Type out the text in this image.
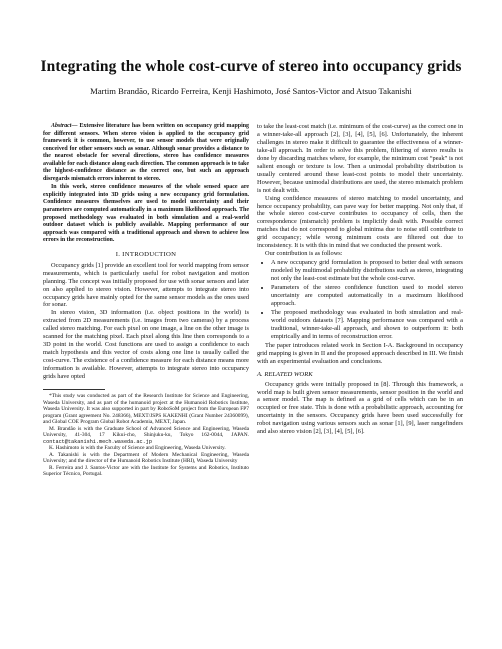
Integrating the whole cost-curve of stereo into occupancy grids
Martim Brandão, Ricardo Ferreira, Kenji Hashimoto, José Santos-Victor and Atsuo Takanishi

Abstract— Extensive literature has been written on occupancy grid mapping for different sensors. When stereo vision is applied to the occupancy grid framework it is common, however, to use sensor models that were originally conceived for other sensors such as sonar. Although sonar provides a distance to the nearest obstacle for several directions, stereo has confidence measures available for each distance along each direction. The common approach is to take the highest-confidence distance as the correct one, but such an approach disregards mismatch errors inherent to stereo.

In this work, stereo confidence measures of the whole sensed space are explicitly integrated into 3D grids using a new occupancy grid formulation. Confidence measures themselves are used to model uncertainty and their parameters are computed automatically in a maximum likelihood approach. The proposed methodology was evaluated in both simulation and a real-world outdoor dataset which is publicly available. Mapping performance of our approach was compared with a traditional approach and shown to achieve less errors in the reconstruction.

I. INTRODUCTION

Occupancy grids [1] provide an excellent tool for world mapping from sensor measurements, which is particularly useful for robot navigation and motion planning. The concept was initially proposed for use with sonar sensors and later on also applied to stereo vision. However, attempts to integrate stereo into occupancy grids have mainly opted for the same sensor models as the ones used for sonar.

In stereo vision, 3D information (i.e. object positions in the world) is extracted from 2D measurements (i.e. images from two cameras) by a process called stereo matching. For each pixel on one image, a line on the other image is scanned for the matching pixel. Each pixel along this line then corresponds to a 3D point in the world. Cost functions are used to assign a confidence to each match hypothesis and this vector of costs along one line is usually called the cost-curve. The existence of a confidence measure for each distance means more information is available. However, attempts to integrate stereo into occupancy grids have opted

*This study was conducted as part of the Research Institute for Science and Engineering, Waseda University, and as part of the humanoid project at the Humanoid Robotics Institute, Waseda University. It was also supported in part by RoboSoM project from the European FP7 program (Grant agreement No. 248366), MEXT/JSPS KAKENHI (Grant Number 24360099), and Global COE Program Global Robot Academia, MEXT, Japan.

M. Brandão is with the Graduate School of Advanced Science and Engineering, Waseda University, 41-304, 17 Kikui-cho, Shinjuku-ku, Tokyo 162-0044, JAPAN. contact@takanishi.mech.waseda.ac.jp

K. Hashimoto is with the Faculty of Science and Engineering, Waseda University.

A. Takanishi is with the Department of Modern Mechanical Engineering, Waseda University; and the director of the Humanoid Robotics Institute (HRI), Waseda University

R. Ferreira and J. Santos-Victor are with the Institute for Systems and Robotics, Instituto Superior Técnico, Portugal.

to take the least-cost match (i.e. minimum of the cost-curve) as the correct one in a winner-take-all approach [2], [3], [4], [5], [6]. Unfortunately, the inherent challenges in stereo make it difficult to guarantee the effectiveness of a winner-take-all approach. In order to solve this problem, filtering of stereo results is done by discarding matches where, for example, the minimum cost “peak” is not salient enough or texture is low. Then a unimodal probability distribution is usually centered around these least-cost points to model their uncertainty. However, because unimodal distributions are used, the stereo mismatch problem is not dealt with.

Using confidence measures of stereo matching to model uncertainty, and hence occupancy probability, can pave way for better mapping. Not only that, if the whole stereo cost-curve contributes to occupancy of cells, then the correspondence (mismatch) problem is implicitly dealt with. Possible correct matches that do not correspond to global minima due to noise still contribute to grid occupancy; while wrong minimum costs are filtered out due to inconsistency. It is with this in mind that we conducted the present work.

Our contribution is as follows:

• A new occupancy grid formulation is proposed to better deal with sensors modeled by multimodal probability distributions such as stereo, integrating not only the least-cost estimate but the whole cost-curve.
• Parameters of the stereo confidence function used to model stereo uncertainty are computed automatically in a maximum likelihood approach.
• The proposed methodology was evaluated in both simulation and real-world outdoors datasets [7]. Mapping performance was compared with a traditional, winner-take-all approach, and shown to outperform it: both empirically and in terms of reconstruction error.

The paper introduces related work in Section I-A. Background in occupancy grid mapping is given in II and the proposed approach described in III. We finish with an experimental evaluation and conclusions.

A. RELATED WORK

Occupancy grids were initially proposed in [8]. Through this framework, a world map is built given sensor measurements, sensor position in the world and a sensor model. The map is defined as a grid of cells which can be in an occupied or free state. This is done with a probabilistic approach, accounting for uncertainty in the sensors. Occupancy grids have been used successfully for robot navigation using various sensors such as sonar [1], [9], laser rangefinders and also stereo vision [2], [3], [4], [5], [6].
